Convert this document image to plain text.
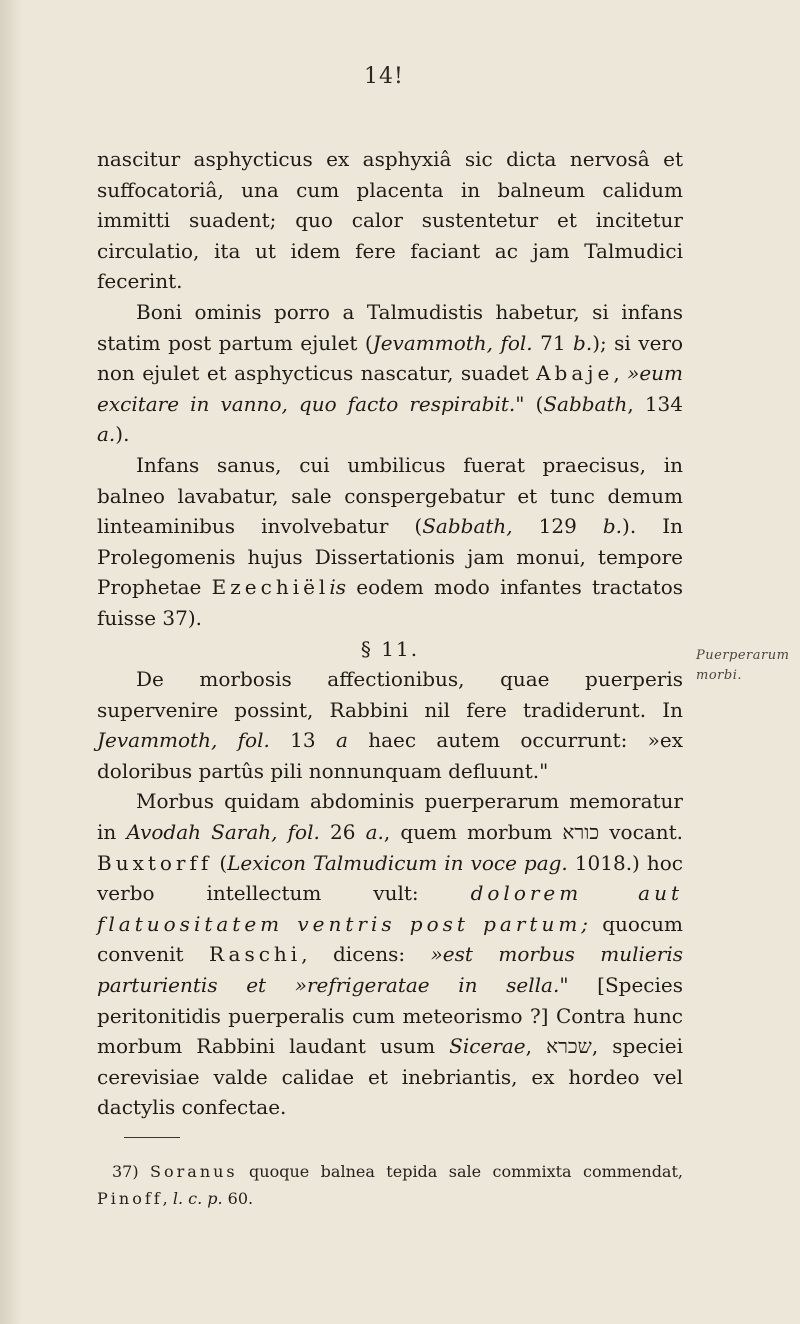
14!

nascitur asphycticus ex asphyxiâ sic dicta nervosâ et suffocatoriâ, una cum placenta in balneum calidum immitti suadent; quo calor sustentetur et incitetur circulatio, ita ut idem fere faciant ac jam Talmudici fecerint.

Boni ominis porro a Talmudistis habetur, si infans statim post partum ejulet (Jevammoth, fol. 71 b.); si vero non ejulet et asphycticus nascatur, suadet Abaje, »eum excitare in vanno, quo facto respirabit." (Sabbath, 134 a.).

Infans sanus, cui umbilicus fuerat praecisus, in balneo lavabatur, sale conspergebatur et tunc demum linteaminibus involvebatur (Sabbath, 129 b.). In Prolegomenis hujus Dissertationis jam monui, tempore Prophetae Ezechiëlis eodem modo infantes tractatos fuisse 37).

§ 11.

De morbosis affectionibus, quae puerperis supervenire possint, Rabbini nil fere tradiderunt. In Jevammoth, fol. 13 a haec autem occurrunt: »ex doloribus partûs pili nonnunquam defluunt."

Morbus quidam abdominis puerperarum memoratur in Avodah Sarah, fol. 26 a., quem morbum כורא vocant. Buxtorff (Lexicon Talmudicum in voce pag. 1018.) hoc verbo intellectum vult: dolorem aut flatuositatem ventris post partum; quocum convenit Raschi, dicens: »est morbus mulieris parturientis et »refrigeratae in sella." [Species peritonitidis puerperalis cum meteorismo ?] Contra hunc morbum Rabbini laudant usum Sicerae, שכרא, speciei cerevisiae valde calidae et inebriantis, ex hordeo vel dactylis confectae.

Puerperarum morbi.

37) Soranus quoque balnea tepida sale commixta commendat, Pinoff, l. c. p. 60.
